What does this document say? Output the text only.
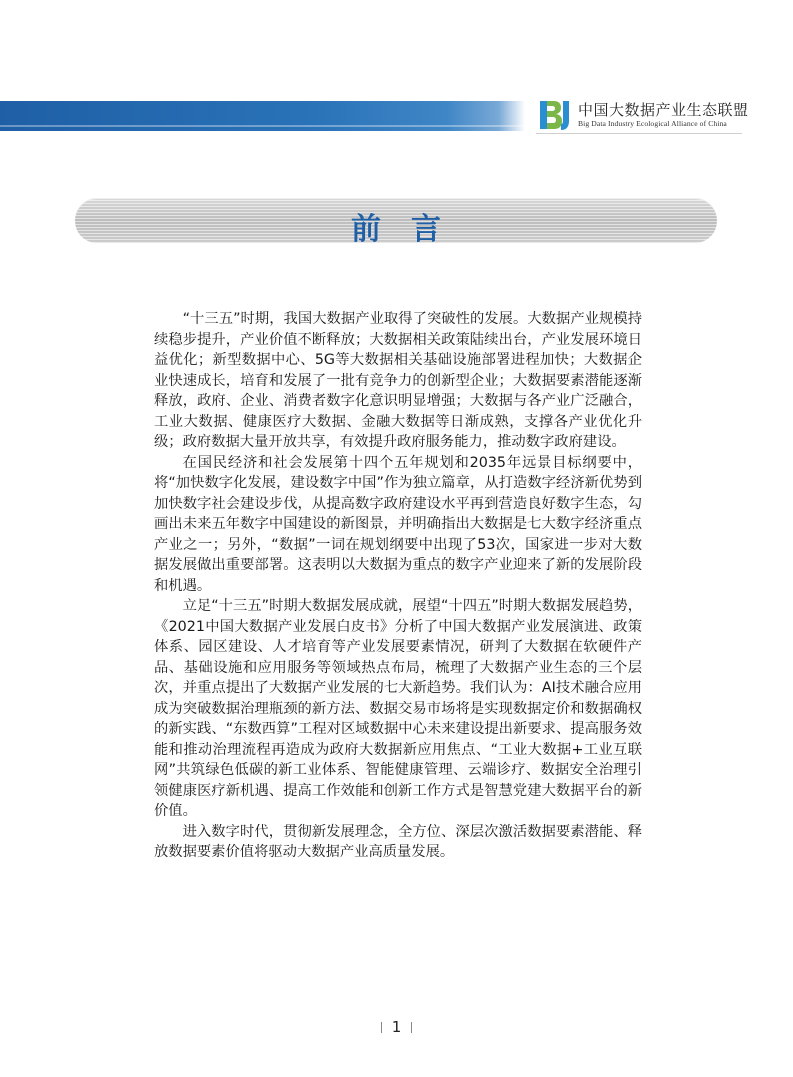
中国大数据产业生态联盟
Big Data Industry Ecological Alliance of China
前言

“十三五”时期，我国大数据产业取得了突破性的发展。大数据产业规模持续稳步提升，产业价值不断释放；大数据相关政策陆续出台，产业发展环境日益优化；新型数据中心、5G等大数据相关基础设施部署进程加快；大数据企业快速成长，培育和发展了一批有竞争力的创新型企业；大数据要素潜能逐渐释放，政府、企业、消费者数字化意识明显增强；大数据与各产业广泛融合，工业大数据、健康医疗大数据、金融大数据等日渐成熟，支撑各产业优化升级；政府数据大量开放共享，有效提升政府服务能力，推动数字政府建设。

在国民经济和社会发展第十四个五年规划和2035年远景目标纲要中，将“加快数字化发展，建设数字中国”作为独立篇章，从打造数字经济新优势到加快数字社会建设步伐，从提高数字政府建设水平再到营造良好数字生态，勾画出未来五年数字中国建设的新图景，并明确指出大数据是七大数字经济重点产业之一；另外，“数据”一词在规划纲要中出现了53次，国家进一步对大数据发展做出重要部署。这表明以大数据为重点的数字产业迎来了新的发展阶段和机遇。

立足“十三五”时期大数据发展成就，展望“十四五”时期大数据发展趋势，《2021中国大数据产业发展白皮书》分析了中国大数据产业发展演进、政策体系、园区建设、人才培育等产业发展要素情况，研判了大数据在软硬件产品、基础设施和应用服务等领域热点布局，梳理了大数据产业生态的三个层次，并重点提出了大数据产业发展的七大新趋势。我们认为：AI技术融合应用成为突破数据治理瓶颈的新方法、数据交易市场将是实现数据定价和数据确权的新实践、“东数西算”工程对区域数据中心未来建设提出新要求、提高服务效能和推动治理流程再造成为政府大数据新应用焦点、“工业大数据+工业互联网”共筑绿色低碳的新工业体系、智能健康管理、云端诊疗、数据安全治理引领健康医疗新机遇、提高工作效能和创新工作方式是智慧党建大数据平台的新价值。

进入数字时代，贯彻新发展理念，全方位、深层次激活数据要素潜能、释放数据要素价值将驱动大数据产业高质量发展。

1
